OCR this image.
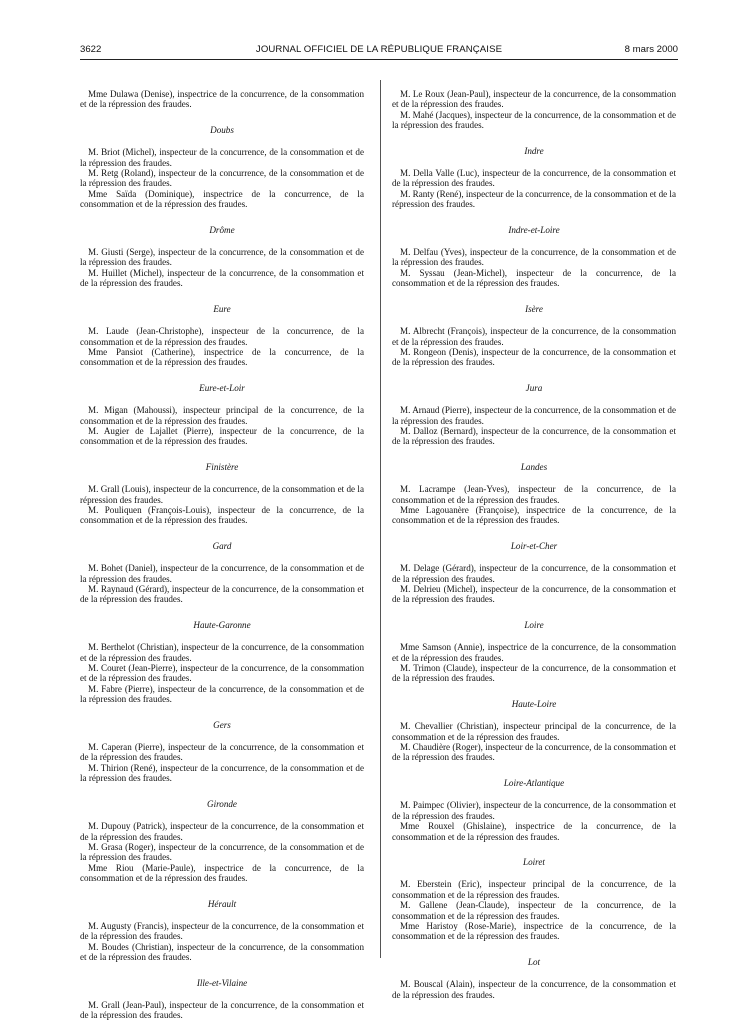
3622	JOURNAL OFFICIEL DE LA RÉPUBLIQUE FRANÇAISE	8 mars 2000

Mme Dulawa (Denise), inspectrice de la concurrence, de la consommation et de la répression des fraudes.

Doubs

M. Briot (Michel), inspecteur de la concurrence, de la consommation et de la répression des fraudes.

M. Retg (Roland), inspecteur de la concurrence, de la consommation et de la répression des fraudes.

Mme Saïda (Dominique), inspectrice de la concurrence, de la consommation et de la répression des fraudes.

Drôme

M. Giusti (Serge), inspecteur de la concurrence, de la consommation et de la répression des fraudes.

M. Huillet (Michel), inspecteur de la concurrence, de la consommation et de la répression des fraudes.

Eure

M. Laude (Jean-Christophe), inspecteur de la concurrence, de la consommation et de la répression des fraudes.

Mme Pansiot (Catherine), inspectrice de la concurrence, de la consommation et de la répression des fraudes.

Eure-et-Loir

M. Migan (Mahoussi), inspecteur principal de la concurrence, de la consommation et de la répression des fraudes.

M. Augier de Lajallet (Pierre), inspecteur de la concurrence, de la consommation et de la répression des fraudes.

Finistère

M. Grall (Louis), inspecteur de la concurrence, de la consommation et de la répression des fraudes.

M. Pouliquen (François-Louis), inspecteur de la concurrence, de la consommation et de la répression des fraudes.

Gard

M. Bohet (Daniel), inspecteur de la concurrence, de la consommation et de la répression des fraudes.

M. Raynaud (Gérard), inspecteur de la concurrence, de la consommation et de la répression des fraudes.

Haute-Garonne

M. Berthelot (Christian), inspecteur de la concurrence, de la consommation et de la répression des fraudes.

M. Couret (Jean-Pierre), inspecteur de la concurrence, de la consommation et de la répression des fraudes.

M. Fabre (Pierre), inspecteur de la concurrence, de la consommation et de la répression des fraudes.

Gers

M. Caperan (Pierre), inspecteur de la concurrence, de la consommation et de la répression des fraudes.

M. Thirion (René), inspecteur de la concurrence, de la consommation et de la répression des fraudes.

Gironde

M. Dupouy (Patrick), inspecteur de la concurrence, de la consommation et de la répression des fraudes.

M. Grasa (Roger), inspecteur de la concurrence, de la consommation et de la répression des fraudes.

Mme Riou (Marie-Paule), inspectrice de la concurrence, de la consommation et de la répression des fraudes.

Hérault

M. Augusty (Francis), inspecteur de la concurrence, de la consommation et de la répression des fraudes.

M. Boudes (Christian), inspecteur de la concurrence, de la consommation et de la répression des fraudes.

Ille-et-Vilaine

M. Grall (Jean-Paul), inspecteur de la concurrence, de la consommation et de la répression des fraudes.

M. Le Roux (Jean-Paul), inspecteur de la concurrence, de la consommation et de la répression des fraudes.

M. Mahé (Jacques), inspecteur de la concurrence, de la consommation et de la répression des fraudes.

Indre

M. Della Valle (Luc), inspecteur de la concurrence, de la consommation et de la répression des fraudes.

M. Ranty (René), inspecteur de la concurrence, de la consommation et de la répression des fraudes.

Indre-et-Loire

M. Delfau (Yves), inspecteur de la concurrence, de la consommation et de la répression des fraudes.

M. Syssau (Jean-Michel), inspecteur de la concurrence, de la consommation et de la répression des fraudes.

Isère

M. Albrecht (François), inspecteur de la concurrence, de la consommation et de la répression des fraudes.

M. Rongeon (Denis), inspecteur de la concurrence, de la consommation et de la répression des fraudes.

Jura

M. Arnaud (Pierre), inspecteur de la concurrence, de la consommation et de la répression des fraudes.

M. Dalloz (Bernard), inspecteur de la concurrence, de la consommation et de la répression des fraudes.

Landes

M. Lacrampe (Jean-Yves), inspecteur de la concurrence, de la consommation et de la répression des fraudes.

Mme Lagouanère (Françoise), inspectrice de la concurrence, de la consommation et de la répression des fraudes.

Loir-et-Cher

M. Delage (Gérard), inspecteur de la concurrence, de la consommation et de la répression des fraudes.

M. Delrieu (Michel), inspecteur de la concurrence, de la consommation et de la répression des fraudes.

Loire

Mme Samson (Annie), inspectrice de la concurrence, de la consommation et de la répression des fraudes.

M. Trimon (Claude), inspecteur de la concurrence, de la consommation et de la répression des fraudes.

Haute-Loire

M. Chevallier (Christian), inspecteur principal de la concurrence, de la consommation et de la répression des fraudes.

M. Chaudière (Roger), inspecteur de la concurrence, de la consommation et de la répression des fraudes.

Loire-Atlantique

M. Paimpec (Olivier), inspecteur de la concurrence, de la consommation et de la répression des fraudes.

Mme Rouxel (Ghislaine), inspectrice de la concurrence, de la consommation et de la répression des fraudes.

Loiret

M. Eberstein (Eric), inspecteur principal de la concurrence, de la consommation et de la répression des fraudes.

M. Gallene (Jean-Claude), inspecteur de la concurrence, de la consommation et de la répression des fraudes.

Mme Haristoy (Rose-Marie), inspectrice de la concurrence, de la consommation et de la répression des fraudes.

Lot

M. Bouscal (Alain), inspecteur de la concurrence, de la consommation et de la répression des fraudes.
